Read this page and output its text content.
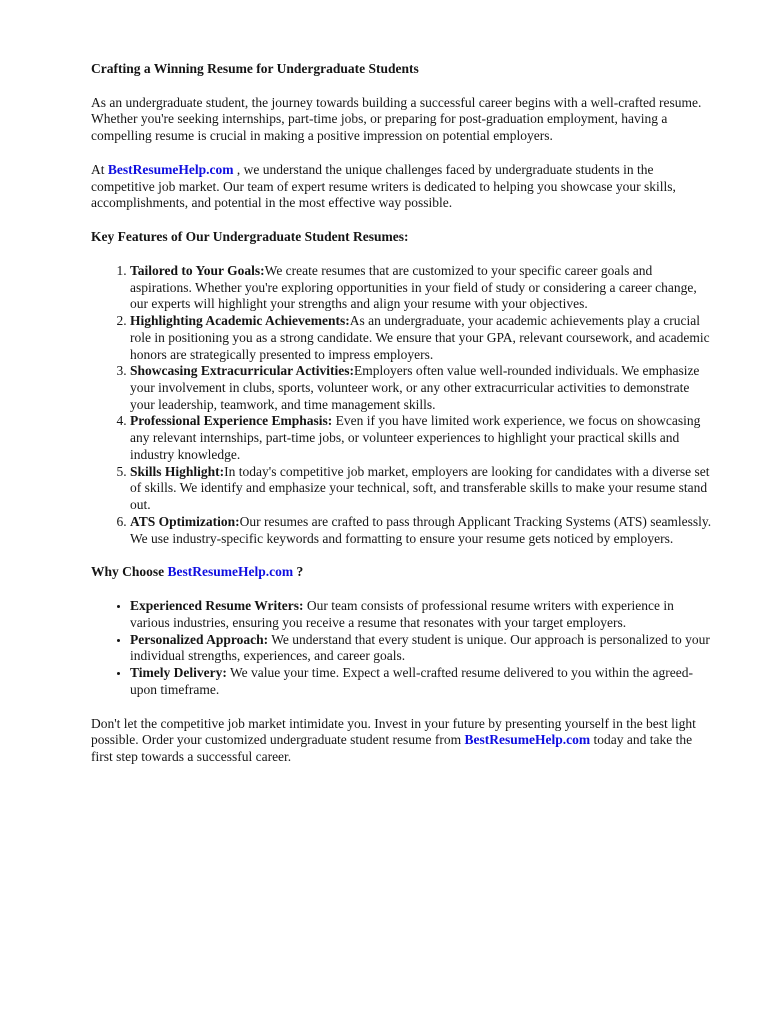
Crafting a Winning Resume for Undergraduate Students

As an undergraduate student, the journey towards building a successful career begins with a well-crafted resume. Whether you're seeking internships, part-time jobs, or preparing for post-graduation employment, having a compelling resume is crucial in making a positive impression on potential employers.

At BestResumeHelp.com , we understand the unique challenges faced by undergraduate students in the competitive job market. Our team of expert resume writers is dedicated to helping you showcase your skills, accomplishments, and potential in the most effective way possible.

Key Features of Our Undergraduate Student Resumes:
1. Tailored to Your Goals:We create resumes that are customized to your specific career goals and aspirations. Whether you're exploring opportunities in your field of study or considering a career change, our experts will highlight your strengths and align your resume with your objectives.
2. Highlighting Academic Achievements:As an undergraduate, your academic achievements play a crucial role in positioning you as a strong candidate. We ensure that your GPA, relevant coursework, and academic honors are strategically presented to impress employers.
3. Showcasing Extracurricular Activities:Employers often value well-rounded individuals. We emphasize your involvement in clubs, sports, volunteer work, or any other extracurricular activities to demonstrate your leadership, teamwork, and time management skills.
4. Professional Experience Emphasis: Even if you have limited work experience, we focus on showcasing any relevant internships, part-time jobs, or volunteer experiences to highlight your practical skills and industry knowledge.
5. Skills Highlight:In today's competitive job market, employers are looking for candidates with a diverse set of skills. We identify and emphasize your technical, soft, and transferable skills to make your resume stand out.
6. ATS Optimization:Our resumes are crafted to pass through Applicant Tracking Systems (ATS) seamlessly. We use industry-specific keywords and formatting to ensure your resume gets noticed by employers.
Why Choose BestResumeHelp.com ?
• Experienced Resume Writers: Our team consists of professional resume writers with experience in various industries, ensuring you receive a resume that resonates with your target employers.
• Personalized Approach: We understand that every student is unique. Our approach is personalized to your individual strengths, experiences, and career goals.
• Timely Delivery: We value your time. Expect a well-crafted resume delivered to you within the agreed-upon timeframe.

Don't let the competitive job market intimidate you. Invest in your future by presenting yourself in the best light possible. Order your customized undergraduate student resume from BestResumeHelp.com today and take the first step towards a successful career.
